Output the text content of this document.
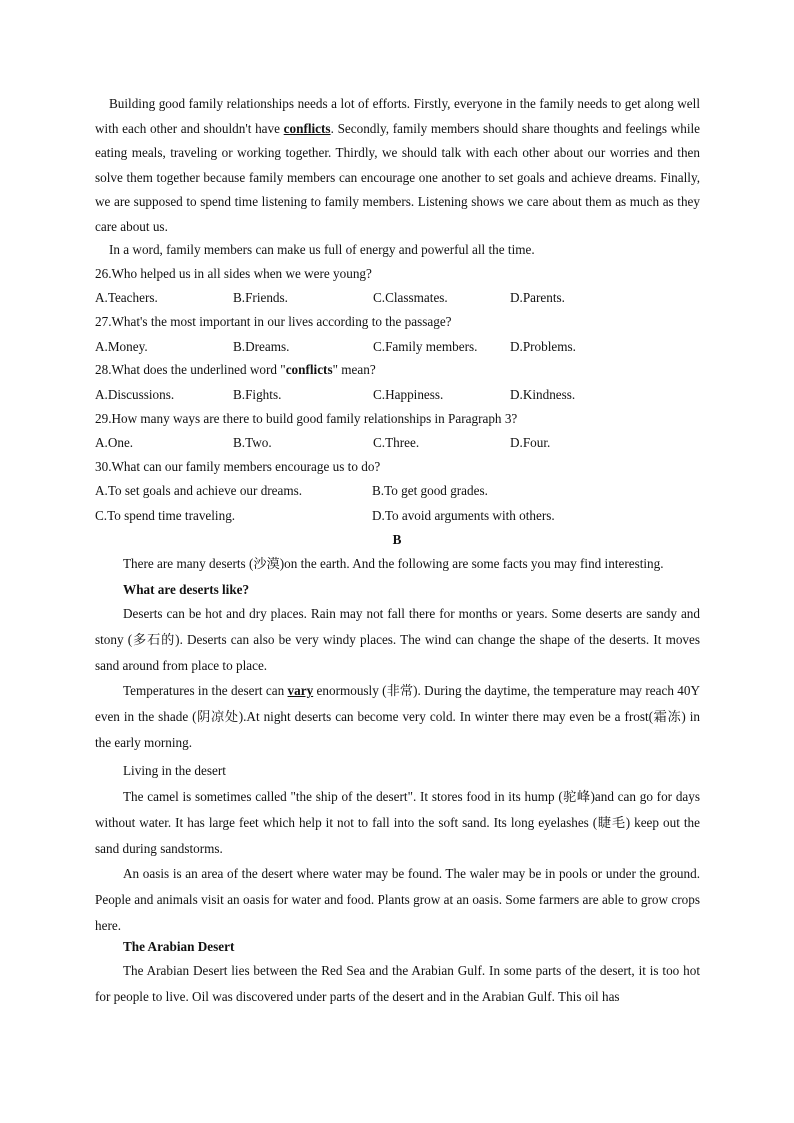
Building good family relationships needs a lot of efforts. Firstly, everyone in the family needs to get along well with each other and shouldn't have conflicts. Secondly, family members should share thoughts and feelings while eating meals, traveling or working together. Thirdly, we should talk with each other about our worries and then solve them together because family members can encourage one another to set goals and achieve dreams. Finally, we are supposed to spend time listening to family members. Listening shows we care about them as much as they care about us.
In a word, family members can make us full of energy and powerful all the time.
26.Who helped us in all sides when we were young?
A.Teachers.	B.Friends.	C.Classmates.	D.Parents.
27.What's the most important in our lives according to the passage?
A.Money.	B.Dreams.	C.Family members. D.Problems.
28.What does the underlined word "conflicts" mean?
A.Discussions.	B.Fights.	C.Happiness.	D.Kindness.
29.How many ways are there to build good family relationships in Paragraph 3?
A.One.	B.Two.	C.Three.	D.Four.
30.What can our family members encourage us to do?
A.To set goals and achieve our dreams.	B.To get good grades.
C.To spend time traveling.	D.To avoid arguments with others.
B
There are many deserts (沙漠)on the earth. And the following are some facts you may find interesting.
What are deserts like?
Deserts can be hot and dry places. Rain may not fall there for months or years. Some deserts are sandy and stony (多石的). Deserts can also be very windy places. The wind can change the shape of the deserts. It moves sand around from place to place.
Temperatures in the desert can vary enormously (非常). During the daytime, the temperature may reach 40Y even in the shade (阴凉处).At night deserts can become very cold. In winter there may even be a frost(霜冻) in the early morning.
Living in the desert
The camel is sometimes called "the ship of the desert". It stores food in its hump (驼峰)and can go for days without water. It has large feet which help it not to fall into the soft sand. Its long eyelashes (睫毛) keep out the sand during sandstorms.
An oasis is an area of the desert where water may be found. The waler may be in pools or under the ground. People and animals visit an oasis for water and food. Plants grow at an oasis. Some farmers are able to grow crops here.
The Arabian Desert
The Arabian Desert lies between the Red Sea and the Arabian Gulf. In some parts of the desert, it is too hot for people to live. Oil was discovered under parts of the desert and in the Arabian Gulf. This oil has
